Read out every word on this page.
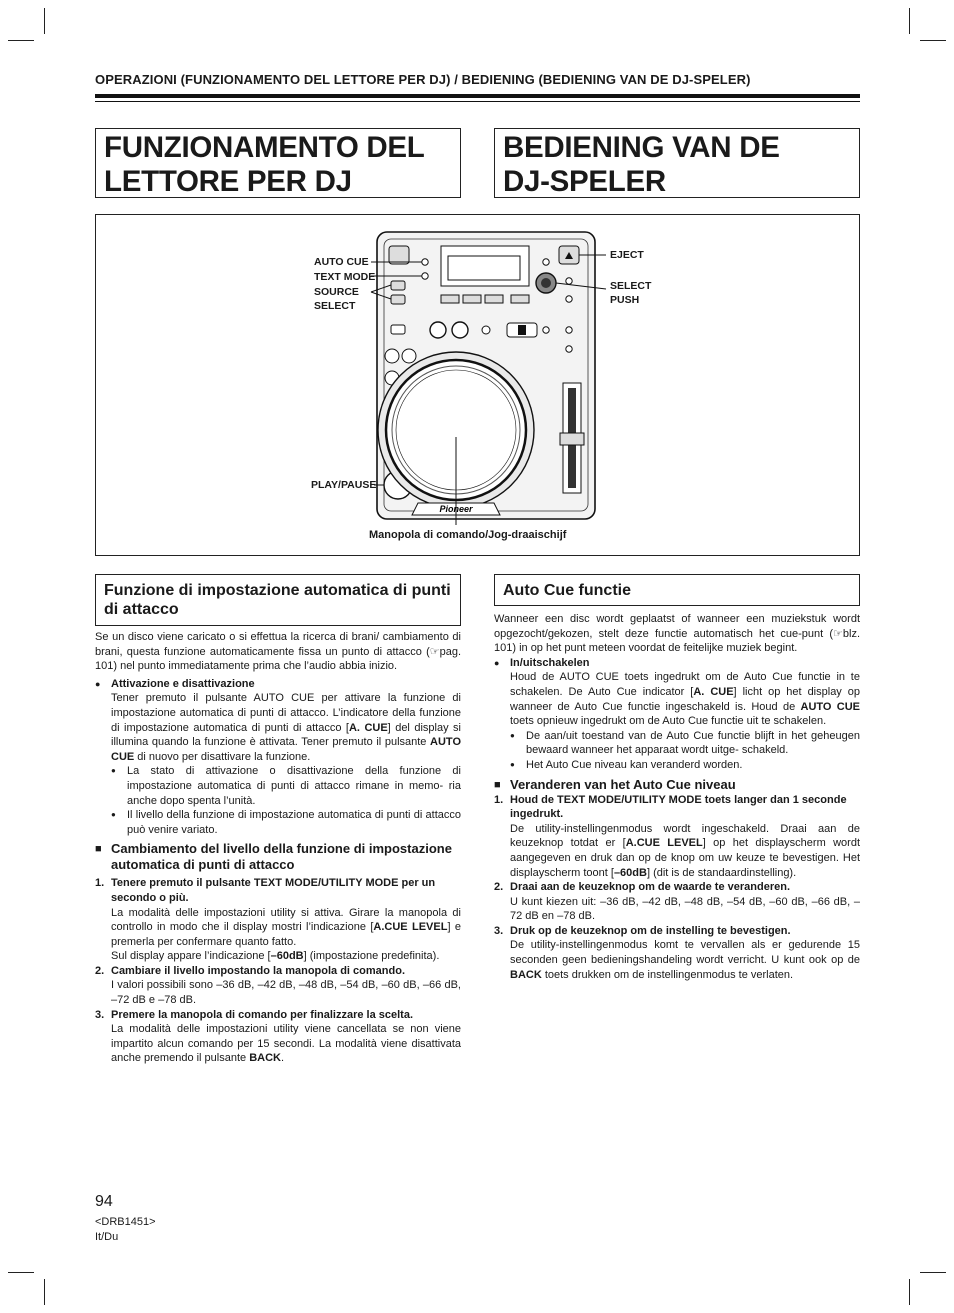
OPERAZIONI (FUNZIONAMENTO DEL LETTORE PER DJ) / BEDIENING (BEDIENING VAN DE DJ-SPELER)
FUNZIONAMENTO DEL
LETTORE PER DJ
BEDIENING VAN DE
DJ-SPELER
Pioneer
AUTO CUE
TEXT MODE
SOURCE
SELECT
EJECT
SELECT
PUSH
PLAY/PAUSE
Manopola di comando/Jog-draaischijf
Funzione di impostazione automatica di punti di attacco
Auto Cue functie

Se un disco viene caricato o si effettua la ricerca di brani/ cambiamento di brani, questa funzione automaticamente fissa un punto di attacco (☞pag. 101) nel punto immediatamente prima che l’audio abbia inizio.

● Attivazione e disattivazione
Tener premuto il pulsante AUTO CUE per attivare la funzione di impostazione automatica di punti di attacco. L’indicatore della funzione di impostazione automatica di punti di attacco [A. CUE] del display si illumina quando la funzione è attivata. Tener premuto il pulsante AUTO CUE di nuovo per disattivare la funzione.
● La stato di attivazione o disattivazione della funzione di impostazione automatica di punti di attacco rimane in memo- ria anche dopo spenta l’unità.
● Il livello della funzione di impostazione automatica di punti di attacco può venire variato.
■ Cambiamento del livello della funzione di impostazione automatica di punti di attacco
1. Tenere premuto il pulsante TEXT MODE/UTILITY MODE per un secondo o più.
La modalità delle impostazioni utility si attiva. Girare la manopola di controllo in modo che il display mostri l’indicazione [A.CUE LEVEL] e premerla per confermare quanto fatto.
Sul display appare l’indicazione [–60dB] (impostazione predefinita).
2. Cambiare il livello impostando la manopola di comando.
I valori possibili sono –36 dB, –42 dB, –48 dB, –54 dB, –60 dB, –66 dB, –72 dB e –78 dB.
3. Premere la manopola di comando per finalizzare la scelta.
La modalità delle impostazioni utility viene cancellata se non viene impartito alcun comando per 15 secondi. La modalità viene disattivata anche premendo il pulsante BACK.

Wanneer een disc wordt geplaatst of wanneer een muziekstuk wordt opgezocht/gekozen, stelt deze functie automatisch het cue-punt (☞blz. 101) in op het punt meteen voordat de feitelijke muziek begint.

● In/uitschakelen
Houd de AUTO CUE toets ingedrukt om de Auto Cue functie in te schakelen. De Auto Cue indicator [A. CUE] licht op het display op wanneer de Auto Cue functie ingeschakeld is. Houd de AUTO CUE toets opnieuw ingedrukt om de Auto Cue functie uit te schakelen.
● De aan/uit toestand van de Auto Cue functie blijft in het geheugen bewaard wanneer het apparaat wordt uitge- schakeld.
● Het Auto Cue niveau kan veranderd worden.
■ Veranderen van het Auto Cue niveau
1. Houd de TEXT MODE/UTILITY MODE toets langer dan 1 seconde ingedrukt.
De utility-instellingenmodus wordt ingeschakeld. Draai aan de keuzeknop totdat er [A.CUE LEVEL] op het displayscherm wordt aangegeven en druk dan op de knop om uw keuze te bevestigen. Het displayscherm toont [–60dB] (dit is de standaardinstelling).
2. Draai aan de keuzeknop om de waarde te veranderen.
U kunt kiezen uit: –36 dB, –42 dB, –48 dB, –54 dB, –60 dB, –66 dB, –72 dB en –78 dB.
3. Druk op de keuzeknop om de instelling te bevestigen.
De utility-instellingenmodus komt te vervallen als er gedurende 15 seconden geen bedieningshandeling wordt verricht. U kunt ook op de BACK toets drukken om de instellingenmodus te verlaten.
94
<DRB1451>
It/Du
